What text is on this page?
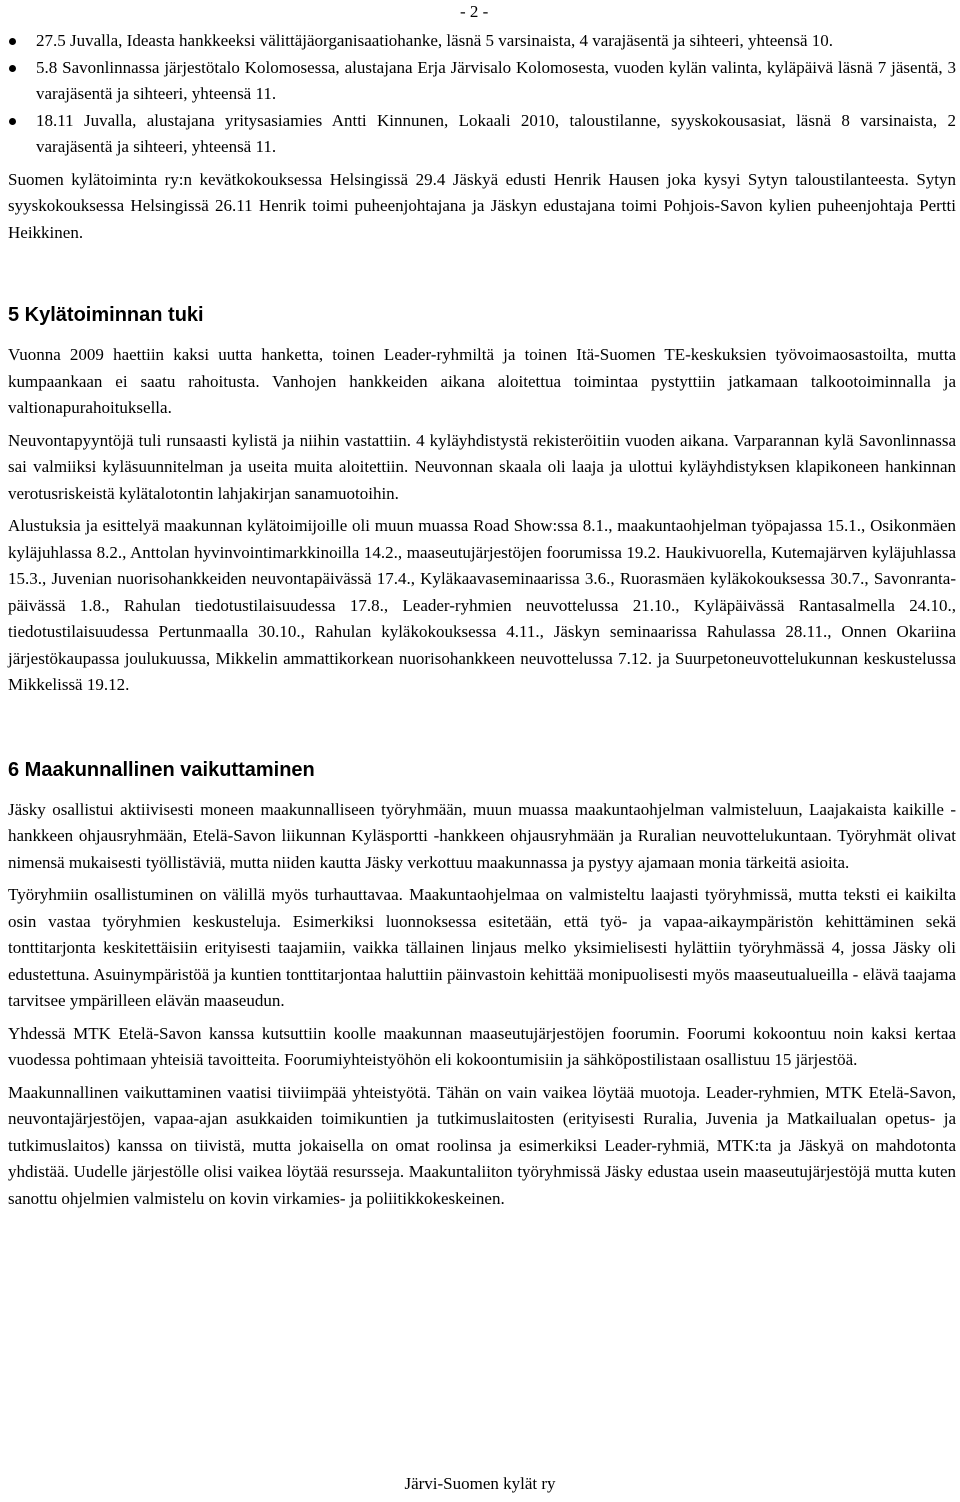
- 2 -
27.5 Juvalla, Ideasta hankkeeksi välittäjäorganisaatiohanke, läsnä 5 varsinaista, 4 varajäsentä ja sihteeri, yhteensä 10.
5.8 Savonlinnassa järjestötalo Kolomosessa, alustajana Erja Järvisalo Kolomosesta, vuoden kylän valinta, kyläpäivä läsnä 7 jäsentä, 3 varajäsentä ja sihteeri, yhteensä 11.
18.11 Juvalla, alustajana yritysasiamies Antti Kinnunen, Lokaali 2010, taloustilanne, syyskokousasiat, läsnä 8 varsinaista, 2 varajäsentä ja sihteeri, yhteensä 11.

Suomen kylätoiminta ry:n kevätkokouksessa Helsingissä 29.4 Jäskyä edusti Henrik Hausen joka kysyi Sytyn taloustilanteesta. Sytyn syyskokouksessa Helsingissä 26.11 Henrik toimi puheenjohtajana ja Jäskyn edustajana toimi Pohjois-Savon kylien puheenjohtaja Pertti Heikkinen.

5 Kylätoiminnan tuki

Vuonna 2009 haettiin kaksi uutta hanketta, toinen Leader-ryhmiltä ja toinen Itä-Suomen TE-keskuksien työvoimaosastoilta, mutta kumpaankaan ei saatu rahoitusta. Vanhojen hankkeiden aikana aloitettua toimintaa pystyttiin jatkamaan talkootoiminnalla ja valtionapurahoituksella.

Neuvontapyyntöjä tuli runsaasti kylistä ja niihin vastattiin. 4 kyläyhdistystä rekisteröitiin vuoden aikana. Varparannan kylä Savonlinnassa sai valmiiksi kyläsuunnitelman ja useita muita aloitettiin. Neuvonnan skaala oli laaja ja ulottui kyläyhdistyksen klapikoneen hankinnan verotusriskeistä kylätalotontin lahjakirjan sanamuotoihin.

Alustuksia ja esittelyä maakunnan kylätoimijoille oli muun muassa Road Show:ssa 8.1., maakuntaohjelman työpajassa 15.1., Osikonmäen kyläjuhlassa 8.2., Anttolan hyvinvointimarkkinoilla 14.2., maaseutujärjestöjen foorumissa 19.2. Haukivuorella, Kutemajärven kyläjuhlassa 15.3., Juvenian nuorisohankkeiden neuvontapäivässä 17.4., Kyläkaavaseminaarissa 3.6., Ruorasmäen kyläkokouksessa 30.7., Savonranta-päivässä 1.8., Rahulan tiedotustilaisuudessa 17.8., Leader-ryhmien neuvottelussa 21.10., Kyläpäivässä Rantasalmella 24.10., tiedotustilaisuudessa Pertunmaalla 30.10., Rahulan kyläkokouksessa 4.11., Jäskyn seminaarissa Rahulassa 28.11., Onnen Okariina järjestökaupassa joulukuussa, Mikkelin ammattikorkean nuorisohankkeen neuvottelussa 7.12. ja Suurpetoneuvottelukunnan keskustelussa Mikkelissä 19.12.

6 Maakunnallinen vaikuttaminen

Jäsky osallistui aktiivisesti moneen maakunnalliseen työryhmään, muun muassa maakuntaohjelman valmisteluun, Laajakaista kaikille -hankkeen ohjausryhmään, Etelä-Savon liikunnan Kyläsportti -hankkeen ohjausryhmään ja Ruralian neuvottelukuntaan. Työryhmät olivat nimensä mukaisesti työllistäviä, mutta niiden kautta Jäsky verkottuu maakunnassa ja pystyy ajamaan monia tärkeitä asioita.

Työryhmiin osallistuminen on välillä myös turhauttavaa. Maakuntaohjelmaa on valmisteltu laajasti työryhmissä, mutta teksti ei kaikilta osin vastaa työryhmien keskusteluja. Esimerkiksi luonnoksessa esitetään, että työ- ja vapaa-aikaympäristön kehittäminen sekä tonttitarjonta keskitettäisiin erityisesti taajamiin, vaikka tällainen linjaus melko yksimielisesti hylättiin työryhmässä 4, jossa Jäsky oli edustettuna. Asuinympäristöä ja kuntien tonttitarjontaa haluttiin päinvastoin kehittää monipuolisesti myös maaseutualueilla - elävä taajama tarvitsee ympärilleen elävän maaseudun.

Yhdessä MTK Etelä-Savon kanssa kutsuttiin koolle maakunnan maaseutujärjestöjen foorumin. Foorumi kokoontuu noin kaksi kertaa vuodessa pohtimaan yhteisiä tavoitteita. Foorumiyhteistyöhön eli kokoontumisiin ja sähköpostilistaan osallistuu 15 järjestöä.

Maakunnallinen vaikuttaminen vaatisi tiiviimpää yhteistyötä. Tähän on vain vaikea löytää muotoja. Leader-ryhmien, MTK Etelä-Savon, neuvontajärjestöjen, vapaa-ajan asukkaiden toimikuntien ja tutkimuslaitosten (erityisesti Ruralia, Juvenia ja Matkailualan opetus- ja tutkimuslaitos) kanssa on tiivistä, mutta jokaisella on omat roolinsa ja esimerkiksi Leader-ryhmiä, MTK:ta ja Jäskyä on mahdotonta yhdistää. Uudelle järjestölle olisi vaikea löytää resursseja. Maakuntaliiton työryhmissä Jäsky edustaa usein maaseutujärjestöjä mutta kuten sanottu ohjelmien valmistelu on kovin virkamies- ja poliitikkokeskeinen.

Järvi-Suomen kylät ry
